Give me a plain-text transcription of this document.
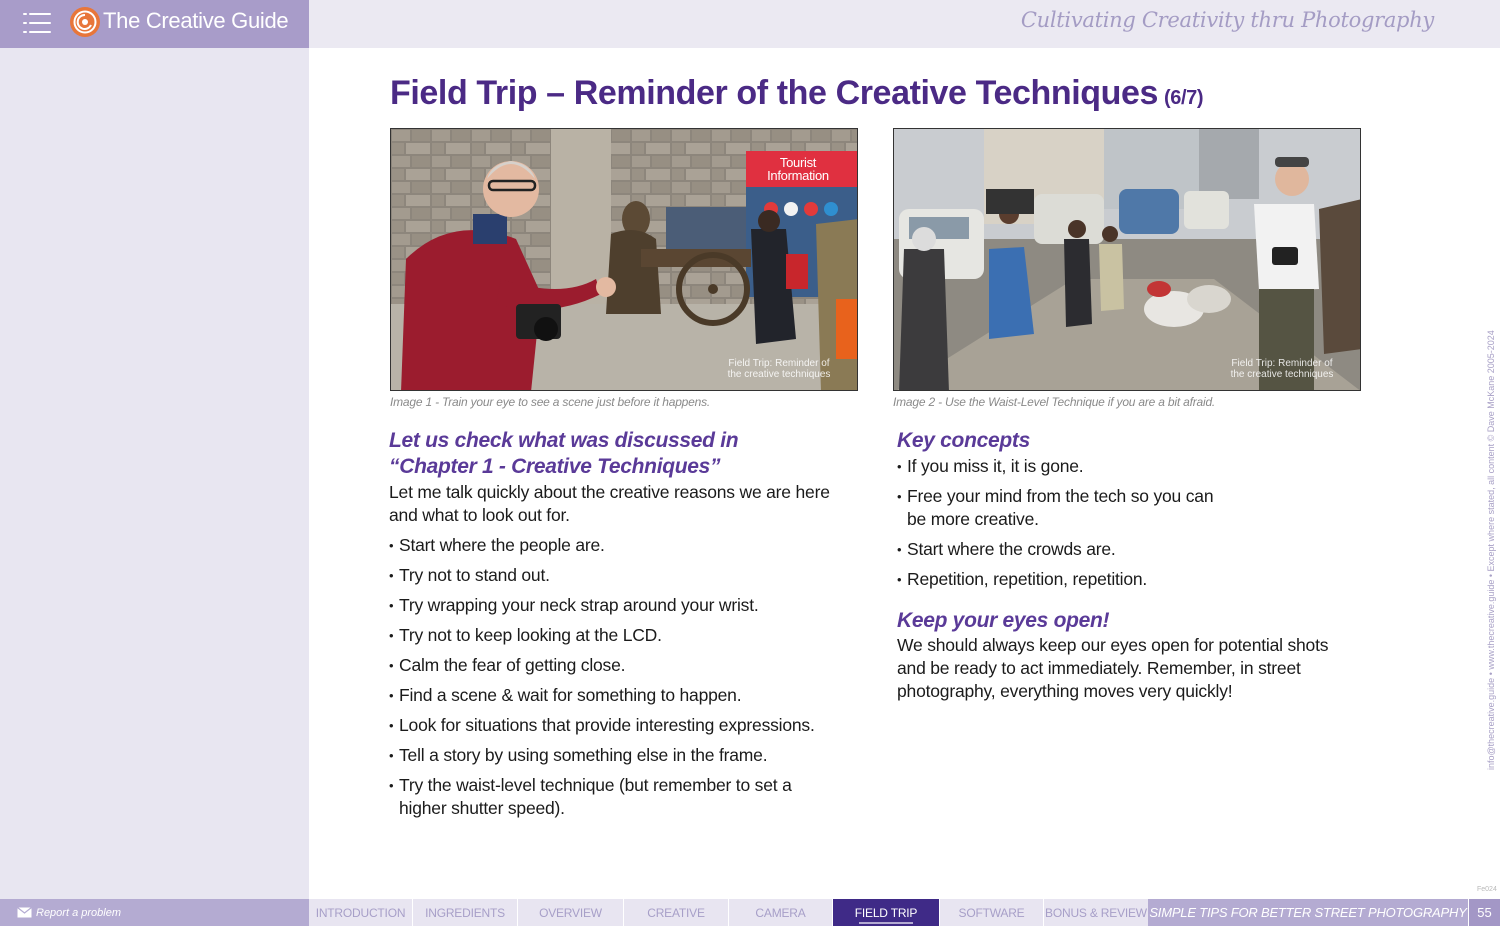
The Creative Guide	Cultivating Creativity thru Photography
Field Trip – Reminder of the Creative Techniques (6/7)
Field Trip: Reminder of
the creative techniques
Tourist
Information
Image 1 - Train your eye to see a scene just before it happens.
Field Trip: Reminder of
the creative techniques
Image 2 - Use the Waist-Level Technique if you are a bit afraid.
Let us check what was discussed in “Chapter 1 - Creative Techniques”

Let me talk quickly about the creative reasons we are here and what to look out for.

• Start where the people are.
• Try not to stand out.
• Try wrapping your neck strap around your wrist.
• Try not to keep looking at the LCD.
• Calm the fear of getting close.
• Find a scene & wait for something to happen.
• Look for situations that provide interesting expressions.
• Tell a story by using something else in the frame.
• Try the waist-level technique (but remember to set a higher shutter speed).
Key concepts
• If you miss it, it is gone.
• Free your mind from the tech so you can be more creative.
• Start where the crowds are.
• Repetition, repetition, repetition.
Keep your eyes open!

We should always keep our eyes open for potential shots and be ready to act immediately. Remember, in street photography, everything moves very quickly!	info@thecreative.guide • www.thecreative.guide • Except where stated, all content © Dave McKane 2005-2024
Fe024
Report a problem	INTRODUCTION	INGREDIENTS	OVERVIEW	CREATIVE	CAMERA	FIELD TRIP	SOFTWARE	BONUS & REVIEW SIMPLE TIPS FOR BETTER STREET PHOTOGRAPHY 55
